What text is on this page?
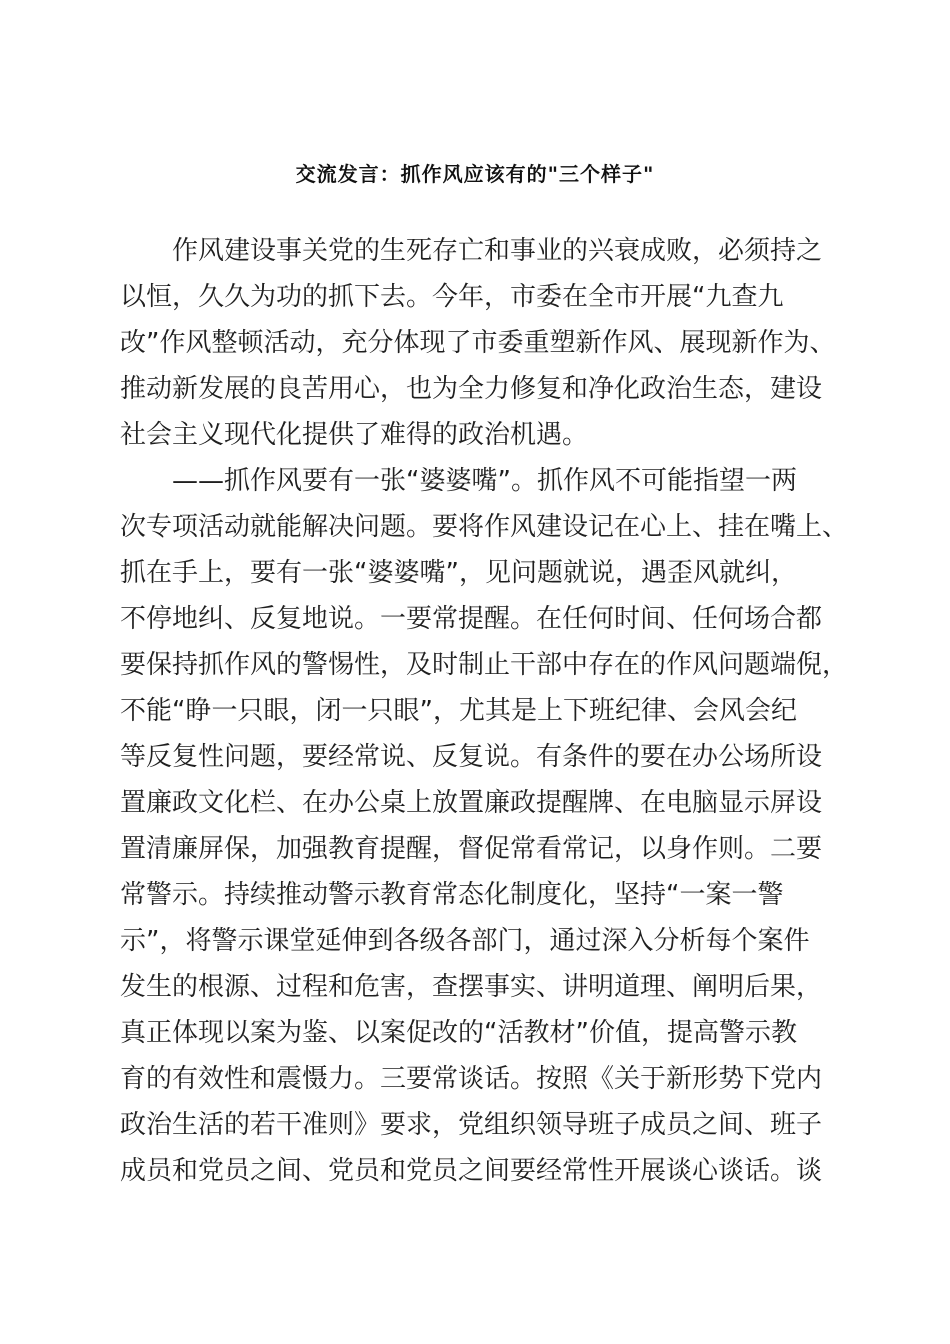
交流发言：抓作风应该有的"三个样子"
作风建设事关党的生死存亡和事业的兴衰成败，必须持之
以恒，久久为功的抓下去。今年，市委在全市开展“九查九
改”作风整顿活动，充分体现了市委重塑新作风、展现新作为、
推动新发展的良苦用心，也为全力修复和净化政治生态，建设
社会主义现代化提供了难得的政治机遇。
——抓作风要有一张“婆婆嘴”。抓作风不可能指望一两
次专项活动就能解决问题。要将作风建设记在心上、挂在嘴上、
抓在手上，要有一张“婆婆嘴”，见问题就说，遇歪风就纠，
不停地纠、反复地说。一要常提醒。在任何时间、任何场合都
要保持抓作风的警惕性，及时制止干部中存在的作风问题端倪，
不能“睁一只眼，闭一只眼”，尤其是上下班纪律、会风会纪
等反复性问题，要经常说、反复说。有条件的要在办公场所设
置廉政文化栏、在办公桌上放置廉政提醒牌、在电脑显示屏设
置清廉屏保，加强教育提醒，督促常看常记，以身作则。二要
常警示。持续推动警示教育常态化制度化，坚持“一案一警
示”，将警示课堂延伸到各级各部门，通过深入分析每个案件
发生的根源、过程和危害，查摆事实、讲明道理、阐明后果，
真正体现以案为鉴、以案促改的“活教材”价值，提高警示教
育的有效性和震慑力。三要常谈话。按照《关于新形势下党内
政治生活的若干准则》要求，党组织领导班子成员之间、班子
成员和党员之间、党员和党员之间要经常性开展谈心谈话。谈
